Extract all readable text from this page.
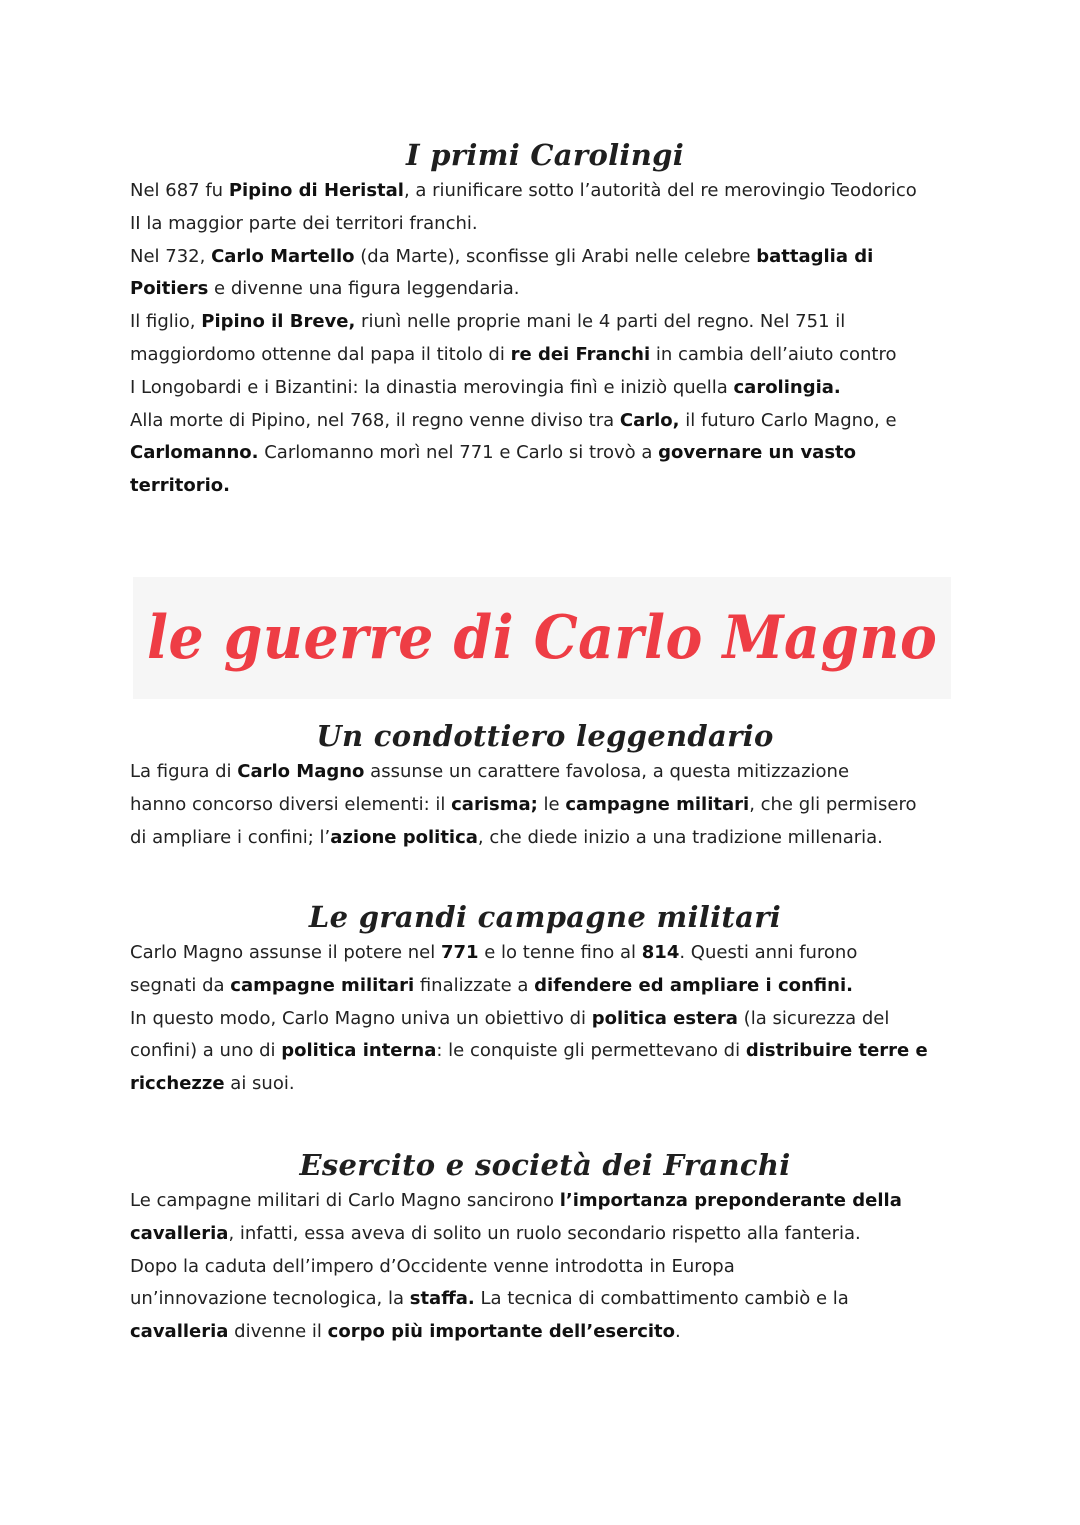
I primi Carolingi
Nel 687 fu Pipino di Heristal, a riunificare sotto l’autorità del re merovingio Teodorico
II la maggior parte dei territori franchi.
Nel 732, Carlo Martello (da Marte), sconfisse gli Arabi nelle celebre battaglia di
Poitiers e divenne una figura leggendaria.
Il figlio, Pipino il Breve, riunì nelle proprie mani le 4 parti del regno. Nel 751 il
maggiordomo ottenne dal papa il titolo di re dei Franchi in cambia dell’aiuto contro
I Longobardi e i Bizantini: la dinastia merovingia finì e iniziò quella carolingia.
Alla morte di Pipino, nel 768, il regno venne diviso tra Carlo, il futuro Carlo Magno, e
Carlomanno. Carlomanno morì nel 771 e Carlo si trovò a governare un vasto
territorio.
le guerre di Carlo Magno
Un condottiero leggendario
La figura di Carlo Magno assunse un carattere favolosa, a questa mitizzazione
hanno concorso diversi elementi: il carisma; le campagne militari, che gli permisero
di ampliare i confini; l’azione politica, che diede inizio a una tradizione millenaria.
Le grandi campagne militari
Carlo Magno assunse il potere nel 771 e lo tenne fino al 814. Questi anni furono
segnati da campagne militari finalizzate a difendere ed ampliare i confini.
In questo modo, Carlo Magno univa un obiettivo di politica estera (la sicurezza del
confini) a uno di politica interna: le conquiste gli permettevano di distribuire terre e
ricchezze ai suoi.
Esercito e società dei Franchi
Le campagne militari di Carlo Magno sancirono l’importanza preponderante della
cavalleria, infatti, essa aveva di solito un ruolo secondario rispetto alla fanteria.
Dopo la caduta dell’impero d’Occidente venne introdotta in Europa
un’innovazione tecnologica, la staffa. La tecnica di combattimento cambiò e la
cavalleria divenne il corpo più importante dell’esercito.
